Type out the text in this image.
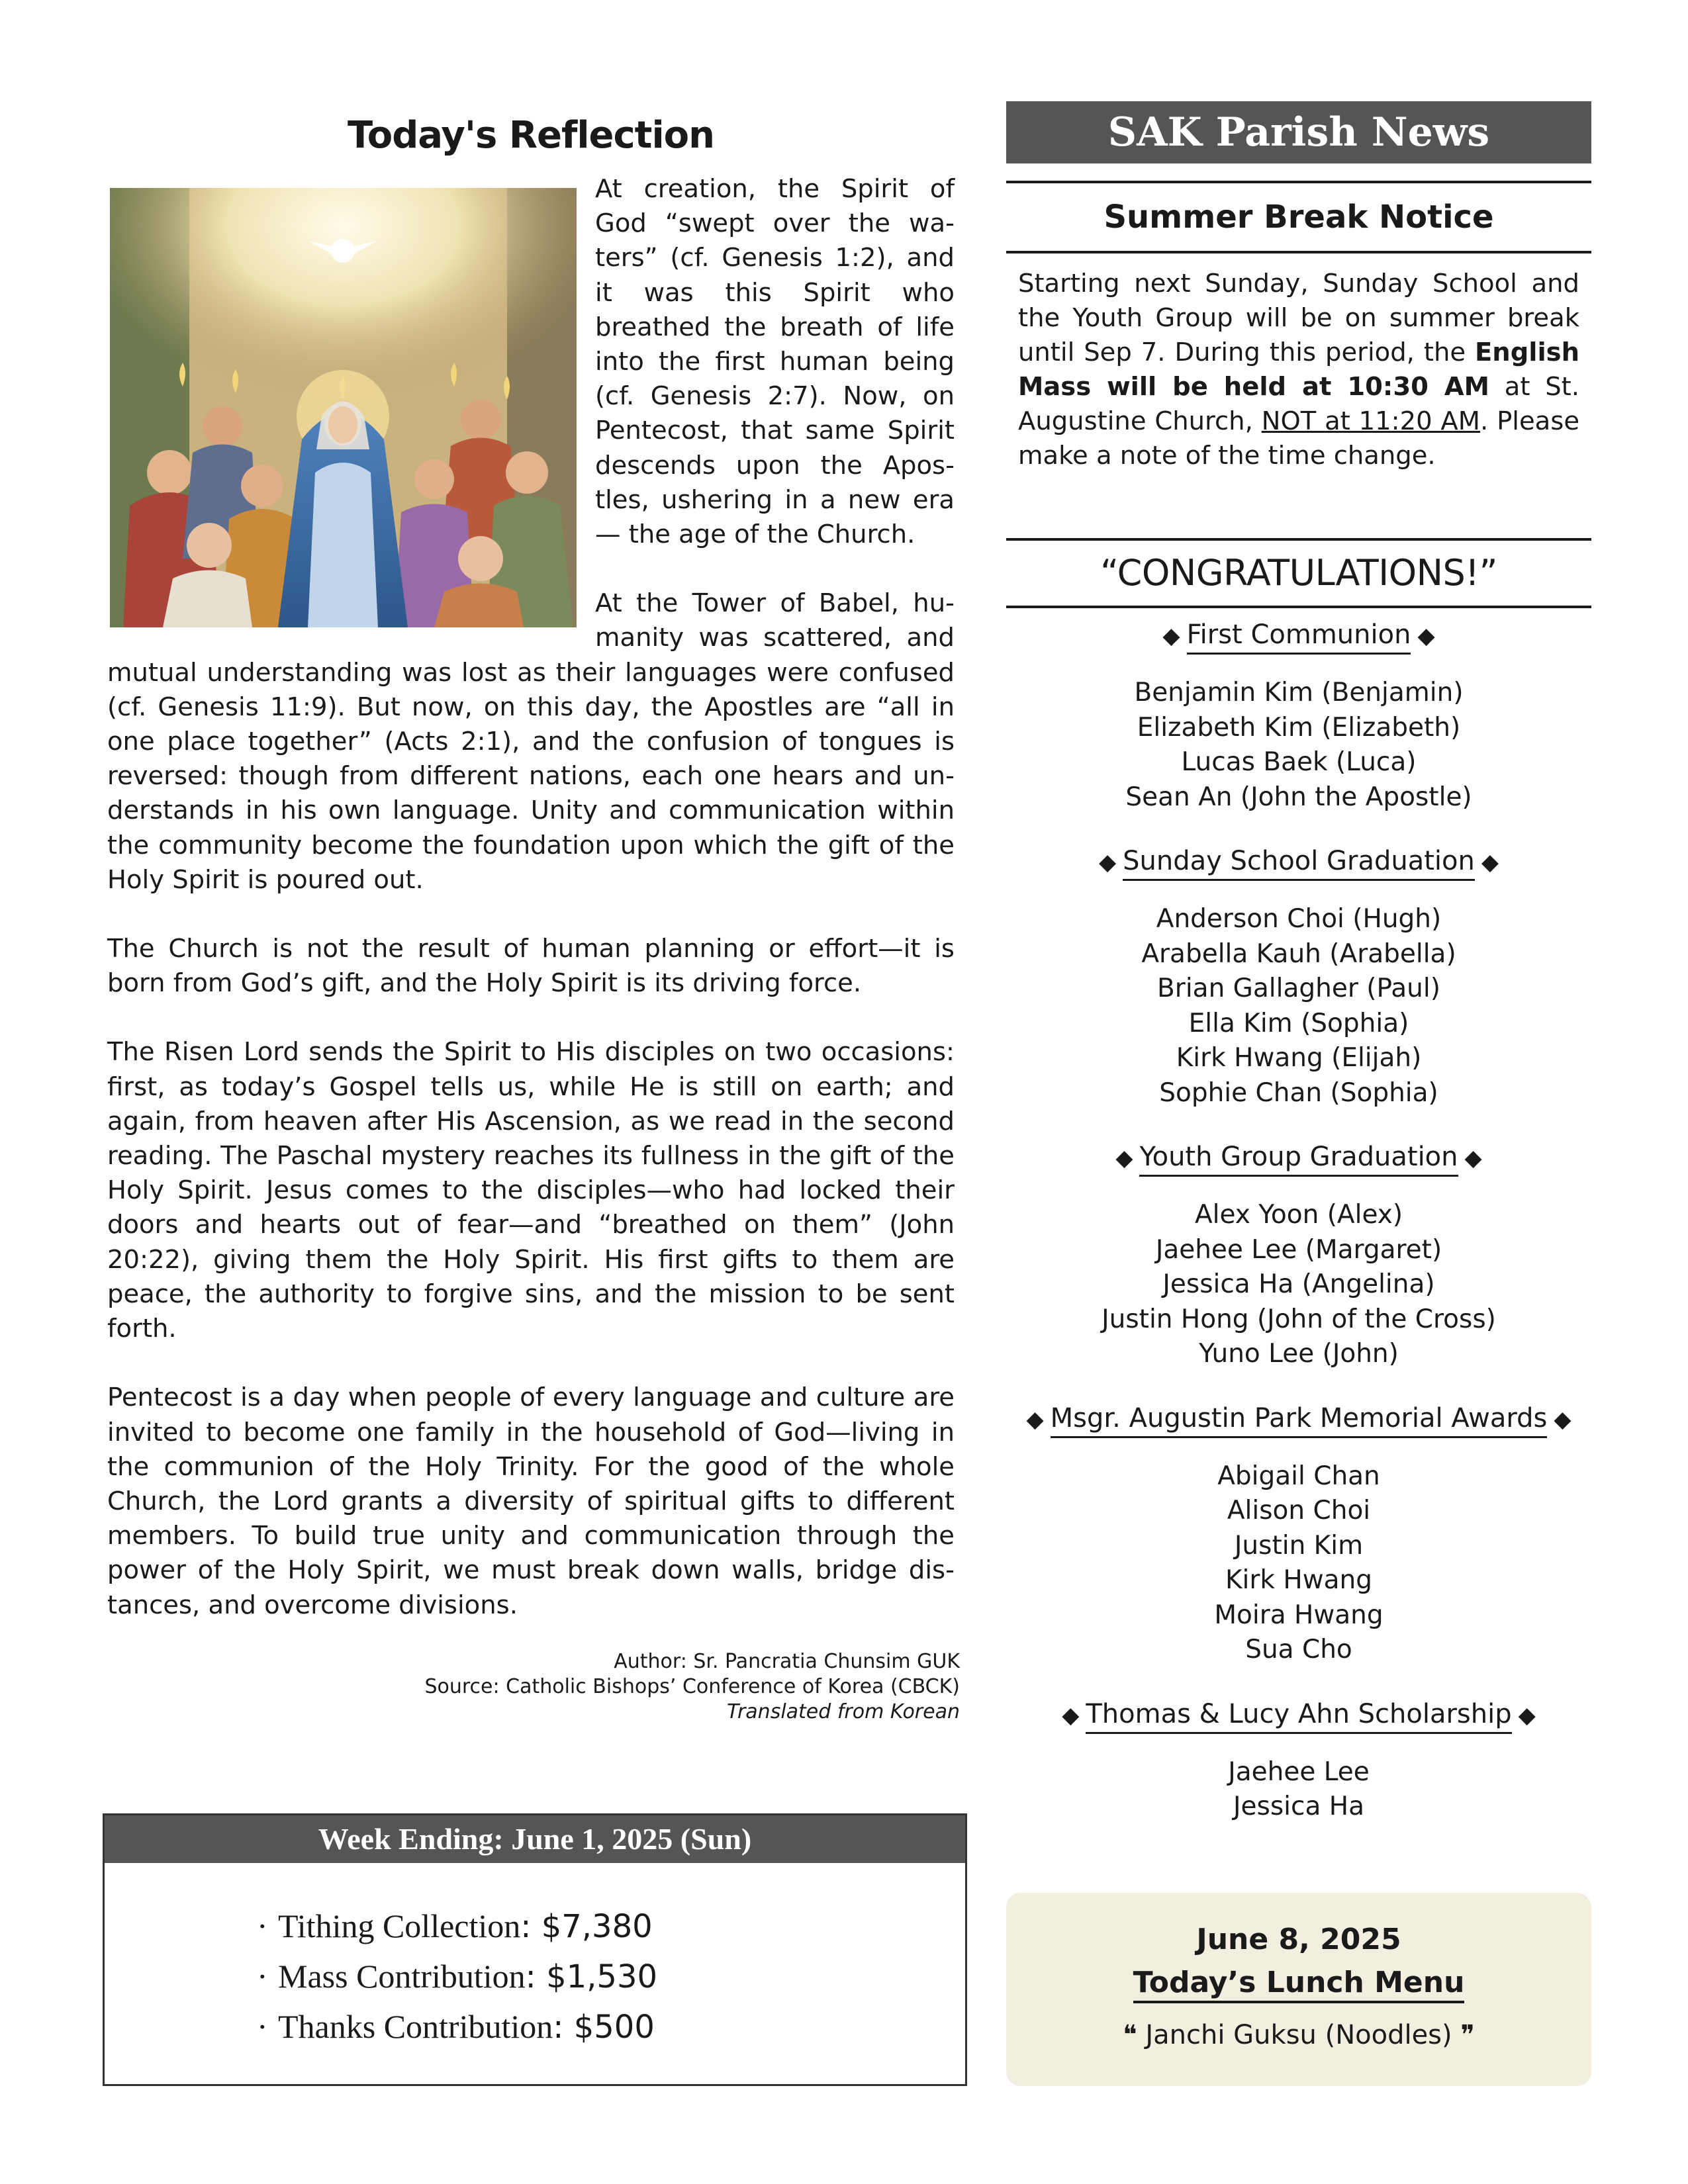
Today's Reflection

At creation, the Spirit of God “swept over the waters” (cf. Genesis 1:2), and it was this Spirit who breathed the breath of life into the first human being (cf. Genesis 2:7). Now, on Pentecost, that same Spirit descends upon the Apostles, ushering in a new era— the age of the Church.

At the Tower of Babel, humanity was scattered, and mutual understanding was lost as their languages were confused (cf. Genesis 11:9). But now, on this day, the Apostles are “all in one place together” (Acts 2:1), and the confusion of tongues is reversed: though from different nations, each one hears and understands in his own language. Unity and communication within the community become the foundation upon which the gift of the Holy Spirit is poured out.

The Church is not the result of human planning or effort—it is born from God’s gift, and the Holy Spirit is its driving force.

The Risen Lord sends the Spirit to His disciples on two occasions: first, as today’s Gospel tells us, while He is still on earth; and again, from heaven after His Ascension, as we read in the second reading. The Paschal mystery reaches its fullness in the gift of the Holy Spirit. Jesus comes to the disciples—who had locked their doors and hearts out of fear—and “breathed on them” (John 20:22), giving them the Holy Spirit. His first gifts to them are peace, the authority to forgive sins, and the mission to be sent forth.

Pentecost is a day when people of every language and culture are invited to become one family in the household of God—living in the communion of the Holy Trinity. For the good of the whole Church, the Lord grants a diversity of spiritual gifts to different members. To build true unity and communication through the power of the Holy Spirit, we must break down walls, bridge distances, and overcome divisions.

Author: Sr. Pancratia Chunsim GUK
Source: Catholic Bishops’ Conference of Korea (CBCK)
Translated from Korean
Week Ending: June 1, 2025 (Sun)
· Tithing Collection: $7,380
· Mass Contribution: $1,530
· Thanks Contribution: $500
SAK Parish News
Summer Break Notice
Starting next Sunday, Sunday School and the Youth Group will be on summer break until Sep 7. During this period, the English Mass will be held at 10:30 AM at St. Augustine Church, NOT at 11:20 AM. Please make a note of the time change.
“CONGRATULATIONS!”
◆ First Communion ◆
Benjamin Kim (Benjamin)
Elizabeth Kim (Elizabeth)
Lucas Baek (Luca)
Sean An (John the Apostle)
◆ Sunday School Graduation ◆
Anderson Choi (Hugh)
Arabella Kauh (Arabella)
Brian Gallagher (Paul)
Ella Kim (Sophia)
Kirk Hwang (Elijah)
Sophie Chan (Sophia)
◆ Youth Group Graduation ◆
Alex Yoon (Alex)
Jaehee Lee (Margaret)
Jessica Ha (Angelina)
Justin Hong (John of the Cross)
Yuno Lee (John)
◆ Msgr. Augustin Park Memorial Awards ◆
Abigail Chan
Alison Choi
Justin Kim
Kirk Hwang
Moira Hwang
Sua Cho
◆ Thomas & Lucy Ahn Scholarship ◆
Jaehee Lee
Jessica Ha
June 8, 2025
Today’s Lunch Menu
❝ Janchi Guksu (Noodles) ❞
